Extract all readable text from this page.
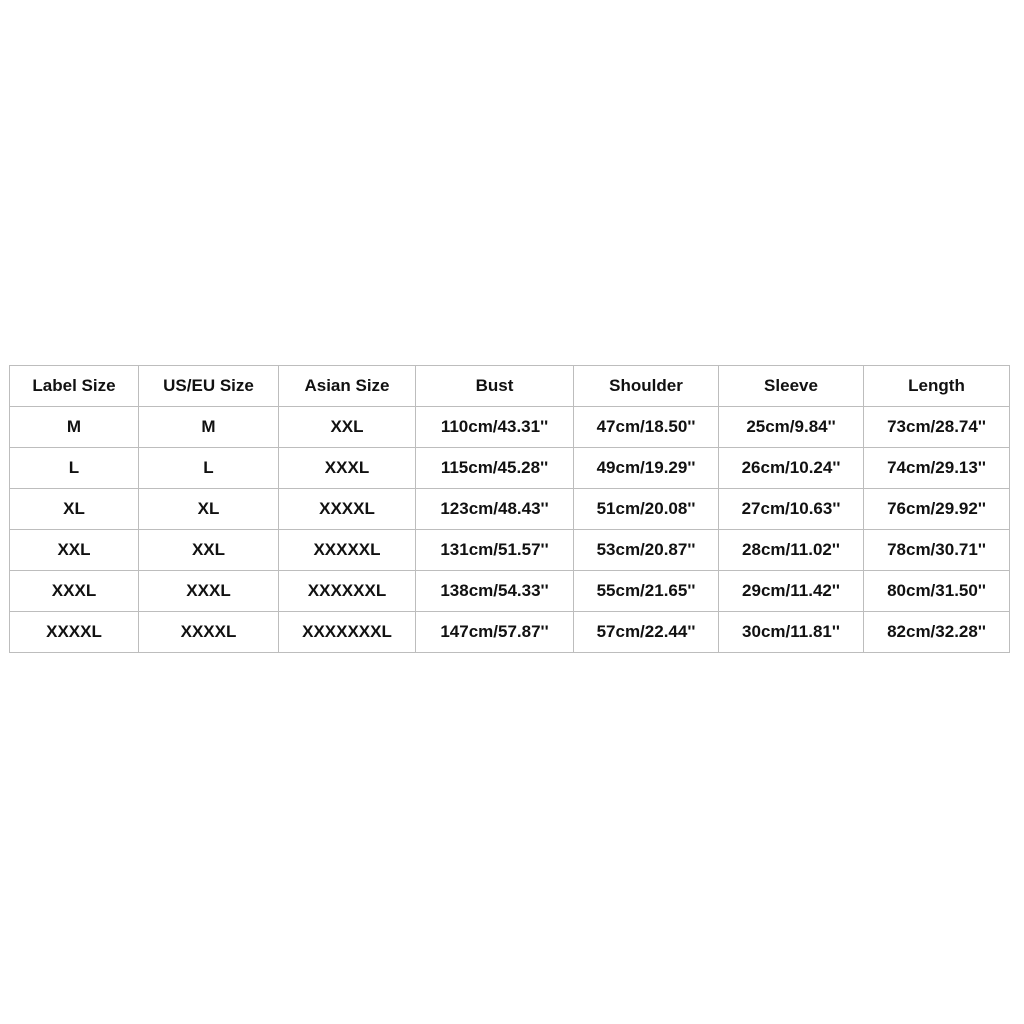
Label Size	US/EU Size	Asian Size	Bust	Shoulder	Sleeve	Length
M	M	XXL	110cm/43.31''	47cm/18.50''	25cm/9.84''	73cm/28.74''
L	L	XXXL	115cm/45.28''	49cm/19.29''	26cm/10.24''	74cm/29.13''
XL	XL	XXXXL	123cm/48.43''	51cm/20.08''	27cm/10.63''	76cm/29.92''
XXL	XXL	XXXXXL	131cm/51.57''	53cm/20.87''	28cm/11.02''	78cm/30.71''
XXXL	XXXL	XXXXXXL	138cm/54.33''	55cm/21.65''	29cm/11.42''	80cm/31.50''
XXXXL	XXXXL	XXXXXXXL	147cm/57.87''	57cm/22.44''	30cm/11.81''	82cm/32.28''
